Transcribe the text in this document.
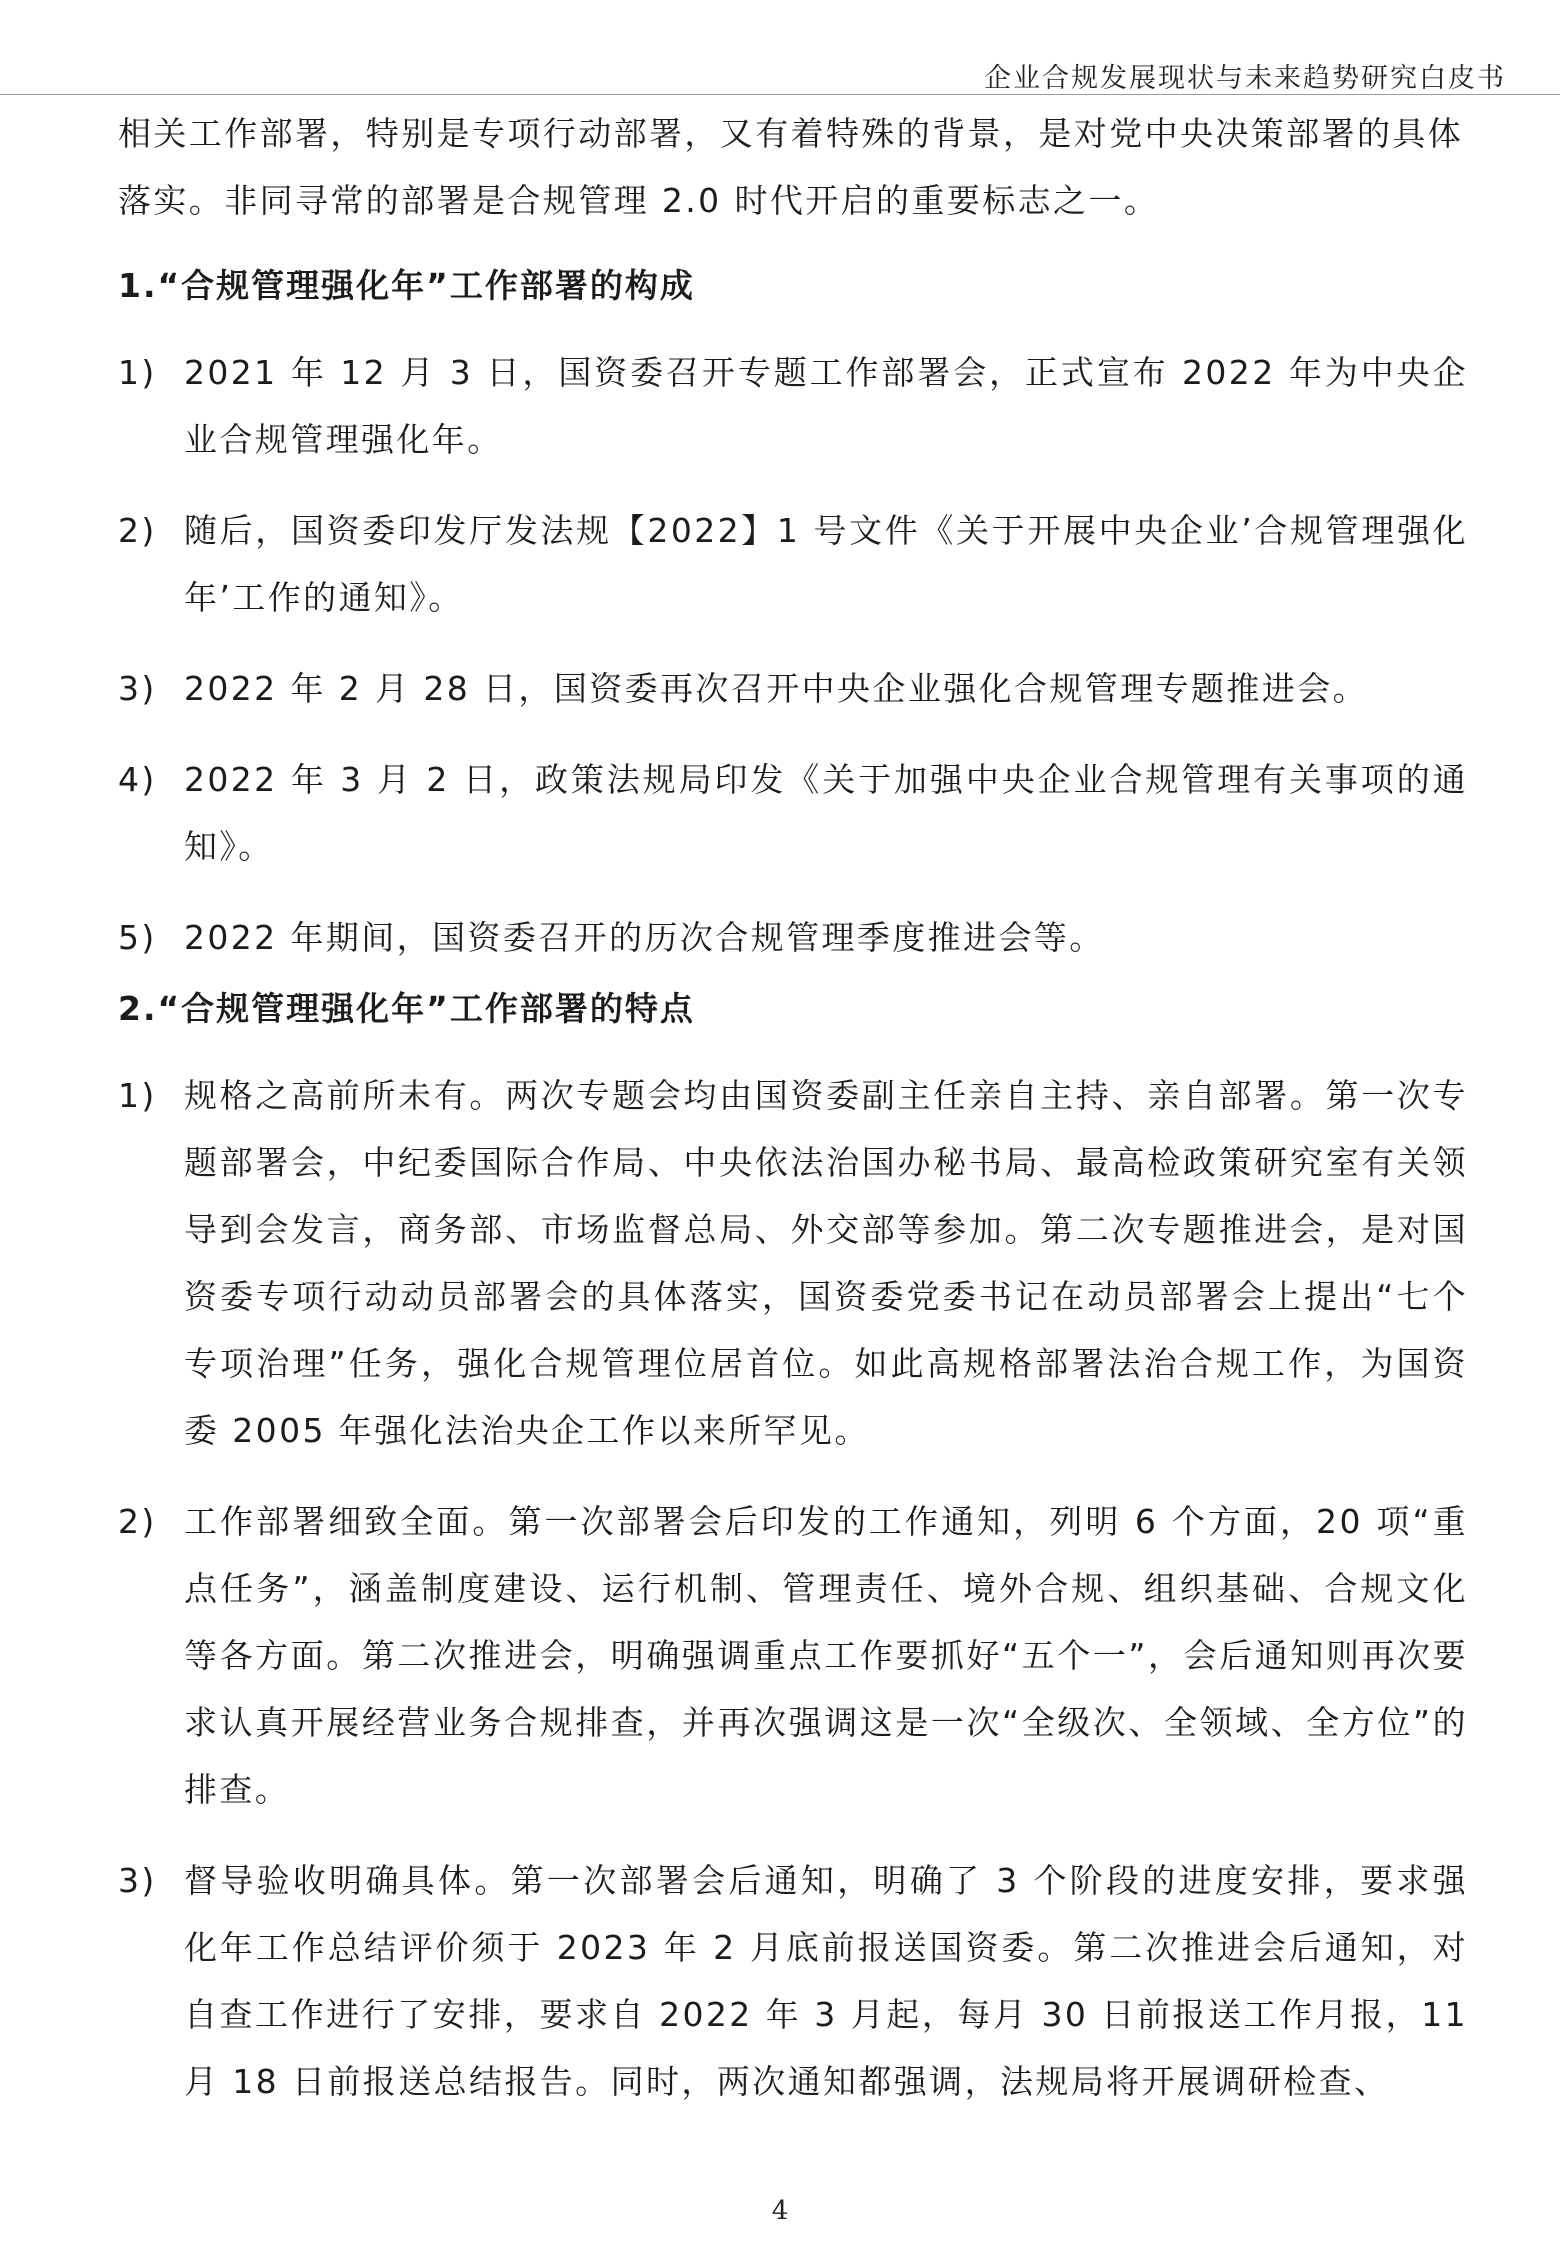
企业合规发展现状与未来趋势研究白皮书

相关工作部署，特别是专项行动部署，又有着特殊的背景，是对党中央决策部署的具体落实。非同寻常的部署是合规管理 2.0 时代开启的重要标志之一。

1.“合规管理强化年”工作部署的构成
1) 2021 年 12 月 3 日，国资委召开专题工作部署会，正式宣布 2022 年为中央企业合规管理强化年。
2) 随后，国资委印发厅发法规【2022】1 号文件《关于开展中央企业’合规管理强化年’工作的通知》。
3) 2022 年 2 月 28 日，国资委再次召开中央企业强化合规管理专题推进会。
4) 2022 年 3 月 2 日，政策法规局印发《关于加强中央企业合规管理有关事项的通知》。
5) 2022 年期间，国资委召开的历次合规管理季度推进会等。
2.“合规管理强化年”工作部署的特点
1) 规格之高前所未有。两次专题会均由国资委副主任亲自主持、亲自部署。第一次专题部署会，中纪委国际合作局、中央依法治国办秘书局、最高检政策研究室有关领导到会发言，商务部、市场监督总局、外交部等参加。第二次专题推进会，是对国资委专项行动动员部署会的具体落实，国资委党委书记在动员部署会上提出“七个专项治理”任务，强化合规管理位居首位。如此高规格部署法治合规工作，为国资委 2005 年强化法治央企工作以来所罕见。
2) 工作部署细致全面。第一次部署会后印发的工作通知，列明 6 个方面，20 项“重点任务”，涵盖制度建设、运行机制、管理责任、境外合规、组织基础、合规文化等各方面。第二次推进会，明确强调重点工作要抓好“五个一”，会后通知则再次要求认真开展经营业务合规排查，并再次强调这是一次“全级次、全领域、全方位”的排查。
3) 督导验收明确具体。第一次部署会后通知，明确了 3 个阶段的进度安排，要求强化年工作总结评价须于 2023 年 2 月底前报送国资委。第二次推进会后通知，对自查工作进行了安排，要求自 2022 年 3 月起，每月 30 日前报送工作月报，11 月 18 日前报送总结报告。同时，两次通知都强调，法规局将开展调研检查、
4
